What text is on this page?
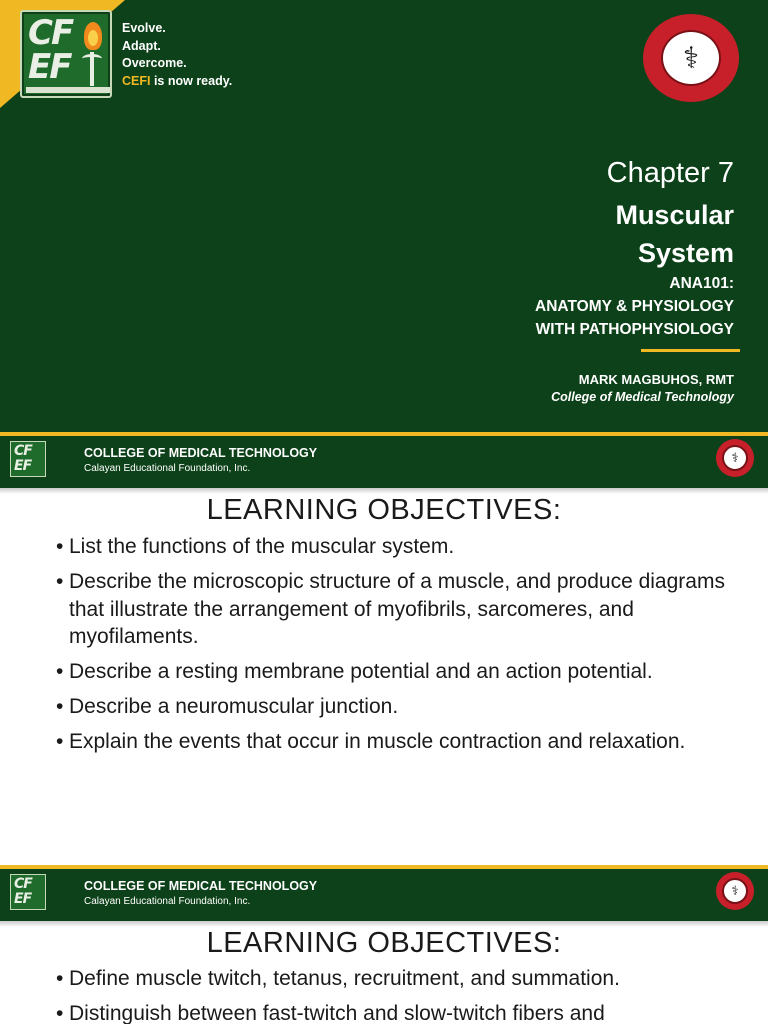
CF
EF
Evolve.
Adapt.
Overcome.
CEFI is now ready.
⚕
Chapter 7
Muscular
System
ANA101:
ANATOMY & PHYSIOLOGY
WITH PATHOPHYSIOLOGY
MARK MAGBUHOS, RMT
College of Medical Technology
CF
EF
COLLEGE OF MEDICAL TECHNOLOGY
Calayan Educational Foundation, Inc.
⚕
LEARNING OBJECTIVES:
• List the functions of the muscular system.
• Describe the microscopic structure of a muscle, and produce diagrams that illustrate the arrangement of myofibrils, sarcomeres, and myofilaments.
• Describe a resting membrane potential and an action potential.
• Describe a neuromuscular junction.
• Explain the events that occur in muscle contraction and relaxation.
CF
EF
COLLEGE OF MEDICAL TECHNOLOGY
Calayan Educational Foundation, Inc.
⚕
LEARNING OBJECTIVES:
• Define muscle twitch, tetanus, recruitment, and summation.
• Distinguish between fast-twitch and slow-twitch fibers and
